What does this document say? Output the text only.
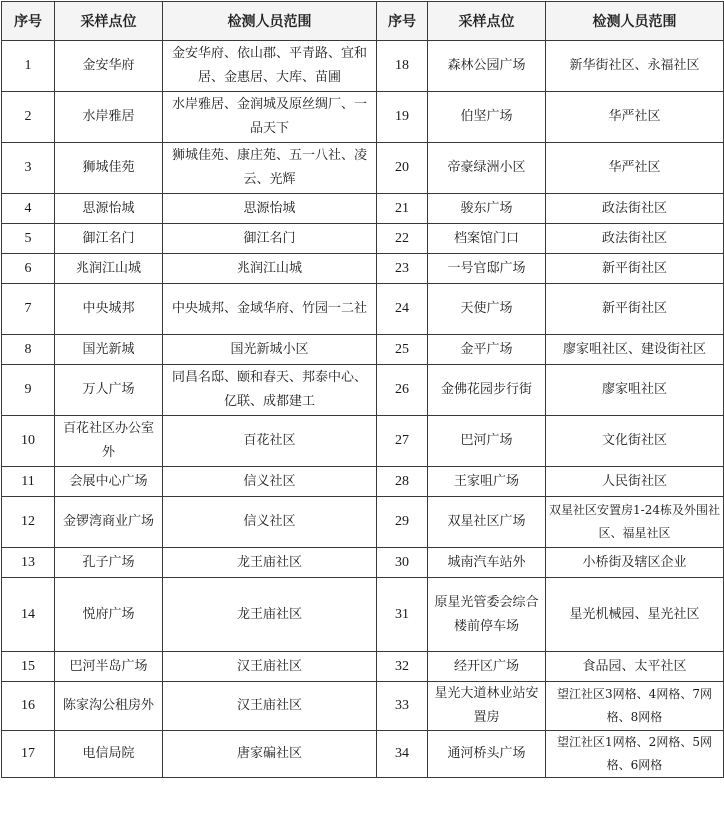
序号	采样点位	检测人员范围	序号	采样点位	检测人员范围

1	金安华府	金安华府、依山郡、平青路、宜和居、金惠居、大库、苗圃	18	森林公园广场	新华街社区、永福社区

2	水岸雅居	水岸雅居、金润城及原丝绸厂、一品天下	19	伯坚广场	华严社区

3	狮城佳苑	狮城佳苑、康庄苑、五一八社、凌云、光辉	20	帝豪绿洲小区	华严社区

4	思源怡城	思源怡城	21	骏东广场	政法街社区

5	御江名门	御江名门	22	档案馆门口	政法街社区

6	兆润江山城	兆润江山城	23	一号官邸广场	新平街社区

7	中央城邦	中央城邦、金域华府、竹园一二社	24	天使广场	新平街社区

8	国光新城	国光新城小区	25	金平广场	廖家咀社区、建设街社区

9	万人广场	同昌名邸、颐和春天、邦泰中心、亿联、成都建工	26	金佛花园步行街	廖家咀社区

10	百花社区办公室外	百花社区	27	巴河广场	文化街社区

11	会展中心广场	信义社区	28	王家咀广场	人民街社区

12	金锣湾商业广场	信义社区	29	双星社区广场	双星社区安置房1-24栋及外围社区、福星社区

13	孔子广场	龙王庙社区	30	城南汽车站外	小桥街及辖区企业

14	悦府广场	龙王庙社区	31	原星光管委会综合楼前停车场	星光机械园、星光社区

15	巴河半岛广场	汉王庙社区	32	经开区广场	食品园、太平社区

16	陈家沟公租房外	汉王庙社区	33	星光大道林业站安置房	望江社区3网格、4网格、7网格、8网格

17	电信局院	唐家碥社区	34	通河桥头广场	望江社区1网格、2网格、5网格、6网格
